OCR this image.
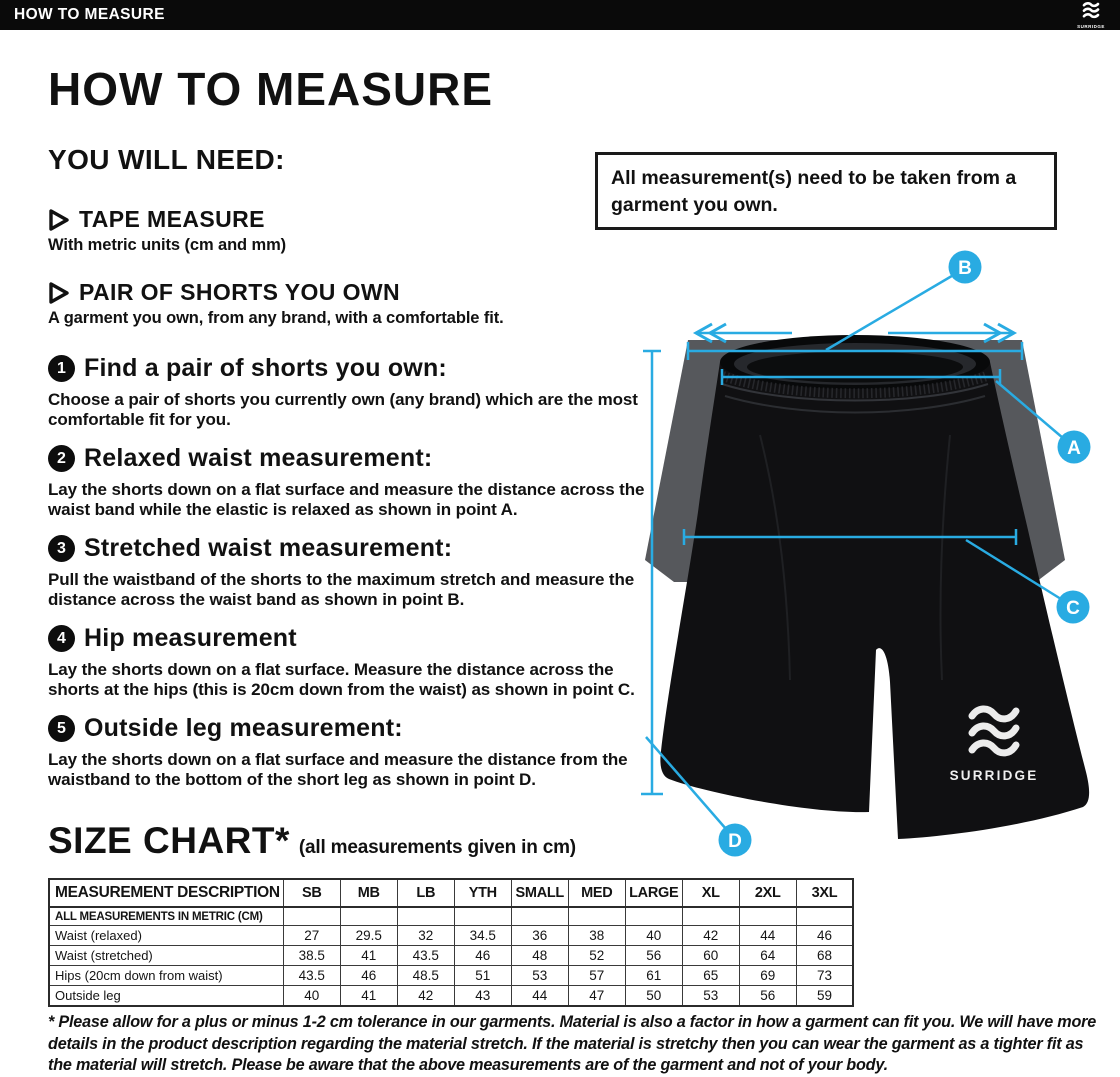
HOW TO MEASURE
SURRIDGE
HOW TO MEASURE
YOU WILL NEED:
TAPE MEASURE
With metric units (cm and mm)
PAIR OF SHORTS YOU OWN
A garment you own, from any brand, with a comfortable fit.
All measurement(s) need to be taken from a garment you own.
1 Find a pair of shorts you own:
Choose a pair of shorts you currently own (any brand) which are the most comfortable fit for you.
2 Relaxed waist measurement:
Lay the shorts down on a flat surface and measure the distance across the waist band while the elastic is relaxed as shown in point A.
3 Stretched waist measurement:
Pull the waistband of the shorts to the maximum stretch and measure the distance across the waist band as shown in point B.
4 Hip measurement
Lay the shorts down on a flat surface. Measure the distance across the shorts at the hips (this is 20cm down from the waist) as shown in point C.
5 Outside leg measurement:
Lay the shorts down on a flat surface and measure the distance from the waistband to the bottom of the short leg as shown in point D.	SURRIDGE
B
A
C
D
SIZE CHART* (all measurements given in cm)
MEASUREMENT DESCRIPTION	SB	MB	LB	YTH	SMALL	MED	LARGE	XL	2XL	3XL
ALL MEASUREMENTS IN METRIC (CM)										
Waist (relaxed)	27	29.5	32	34.5	36	38	40	42	44	46
Waist (stretched)	38.5	41	43.5	46	48	52	56	60	64	68
Hips (20cm down from waist)	43.5	46	48.5	51	53	57	61	65	69	73
Outside leg	40	41	42	43	44	47	50	53	56	59
* Please allow for a plus or minus 1-2 cm tolerance in our garments. Material is also a factor in how a garment can fit you. We will have more details in the product description regarding the material stretch. If the material is stretchy then you can wear the garment as a tighter fit as the material will stretch. Please be aware that the above measurements are of the garment and not of your body.
